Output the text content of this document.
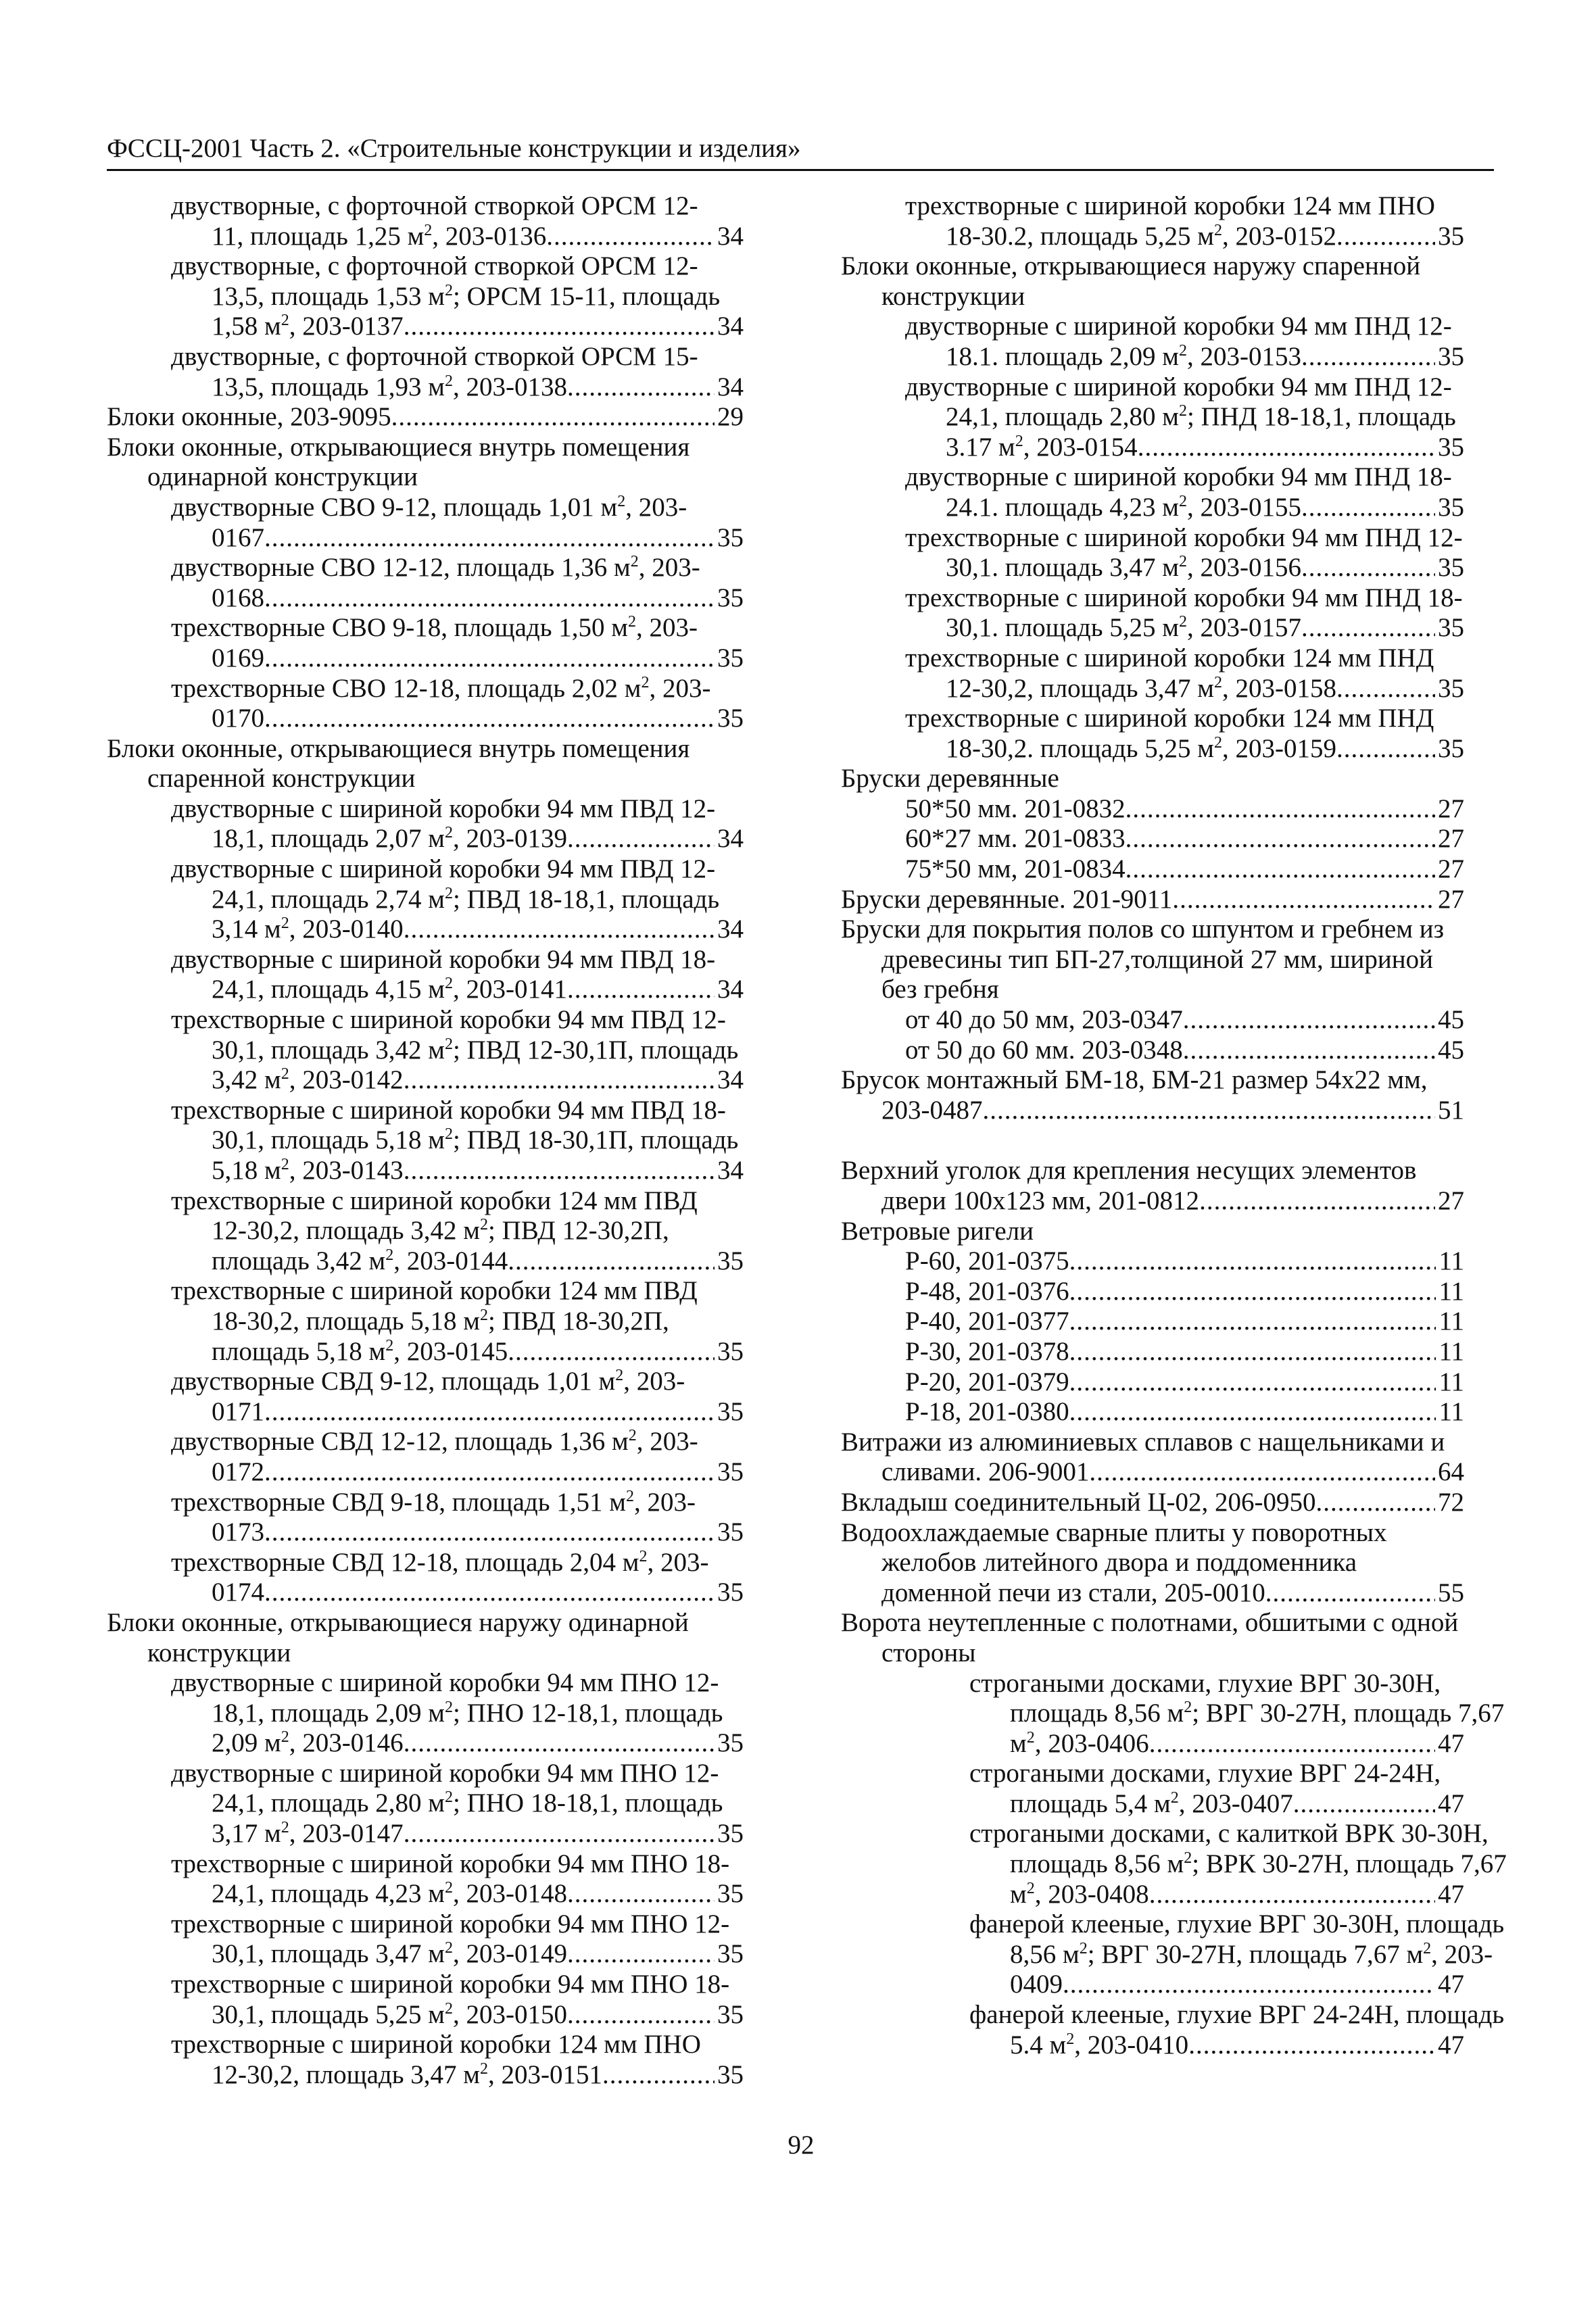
ФССЦ-2001 Часть 2. «Строительные конструкции и изделия»
двустворные, с форточной створкой ОРСМ 12-
11, площадь 1,25 $м^2$, 203-0136 .....	34
двустворные, с форточной створкой ОРСМ 12-
13,5, площадь 1,53 $м^2$; ОРСМ 15-11, площадь
1,58 $м^2$, 203-0137 .....	34
двустворные, с форточной створкой ОРСМ 15-
13,5, площадь 1,93 $м^2$, 203-0138 .....	34
Блоки оконные, 203-9095 .....	29
Блоки оконные, открывающиеся внутрь помещения
одинарной конструкции
двустворные СВО 9-12, площадь 1,01 $м^2$, 203-
0167 .....	35
двустворные СВО 12-12, площадь 1,36 $м^2$, 203-
0168 .....	35
трехстворные СВО 9-18, площадь 1,50 $м^2$, 203-
0169 .....	35
трехстворные СВО 12-18, площадь 2,02 $м^2$, 203-
0170 .....	35
Блоки оконные, открывающиеся внутрь помещения
спаренной конструкции
двустворные с шириной коробки 94 мм ПВД 12-
18,1, площадь 2,07 $м^2$, 203-0139 .....	34
двустворные с шириной коробки 94 мм ПВД 12-
24,1, площадь 2,74 $м^2$; ПВД 18-18,1, площадь
3,14 $м^2$, 203-0140 .....	34
двустворные с шириной коробки 94 мм ПВД 18-
24,1, площадь 4,15 $м^2$, 203-0141 .....	34
трехстворные с шириной коробки 94 мм ПВД 12-
30,1, площадь 3,42 $м^2$; ПВД 12-30,1П, площадь
3,42 $м^2$, 203-0142 .....	34
трехстворные с шириной коробки 94 мм ПВД 18-
30,1, площадь 5,18 $м^2$; ПВД 18-30,1П, площадь
5,18 $м^2$, 203-0143 .....	34
трехстворные с шириной коробки 124 мм ПВД
12-30,2, площадь 3,42 $м^2$; ПВД 12-30,2П,
площадь 3,42 $м^2$, 203-0144 .....	35
трехстворные с шириной коробки 124 мм ПВД
18-30,2, площадь 5,18 $м^2$; ПВД 18-30,2П,
площадь 5,18 $м^2$, 203-0145 .....	35
двустворные СВД 9-12, площадь 1,01 $м^2$, 203-
0171 .....	35
двустворные СВД 12-12, площадь 1,36 $м^2$, 203-
0172 .....	35
трехстворные СВД 9-18, площадь 1,51 $м^2$, 203-
0173 .....	35
трехстворные СВД 12-18, площадь 2,04 $м^2$, 203-
0174 .....	35
Блоки оконные, открывающиеся наружу одинарной
конструкции
двустворные с шириной коробки 94 мм ПНО 12-
18,1, площадь 2,09 $м^2$; ПНО 12-18,1, площадь
2,09 $м^2$, 203-0146 .....	35
двустворные с шириной коробки 94 мм ПНО 12-
24,1, площадь 2,80 $м^2$; ПНО 18-18,1, площадь
3,17 $м^2$, 203-0147 .....	35
трехстворные с шириной коробки 94 мм ПНО 18-
24,1, площадь 4,23 $м^2$, 203-0148 .....	35
трехстворные с шириной коробки 94 мм ПНО 12-
30,1, площадь 3,47 $м^2$, 203-0149 .....	35
трехстворные с шириной коробки 94 мм ПНО 18-
30,1, площадь 5,25 $м^2$, 203-0150 .....	35
трехстворные с шириной коробки 124 мм ПНО
12-30,2, площадь 3,47 $м^2$, 203-0151 .....	35
трехстворные с шириной коробки 124 мм ПНО
18-30.2, площадь 5,25 $м^2$, 203-0152 .....	35
Блоки оконные, открывающиеся наружу спаренной
конструкции
двустворные с шириной коробки 94 мм ПНД 12-
18.1. площадь 2,09 $м^2$, 203-0153 .....	35
двустворные с шириной коробки 94 мм ПНД 12-
24,1, площадь 2,80 $м^2$; ПНД 18-18,1, площадь
3.17 $м^2$, 203-0154 .....	35
двустворные с шириной коробки 94 мм ПНД 18-
24.1. площадь 4,23 $м^2$, 203-0155 .....	35
трехстворные с шириной коробки 94 мм ПНД 12-
30,1. площадь 3,47 $м^2$, 203-0156 .....	35
трехстворные с шириной коробки 94 мм ПНД 18-
30,1. площадь 5,25 $м^2$, 203-0157 .....	35
трехстворные с шириной коробки 124 мм ПНД
12-30,2, площадь 3,47 $м^2$, 203-0158 .....	35
трехстворные с шириной коробки 124 мм ПНД
18-30,2. площадь 5,25 $м^2$, 203-0159 .....	35
Бруски деревянные
50*50 мм. 201-0832 .....	27
60*27 мм. 201-0833 .....	27
75*50 мм, 201-0834 .....	27
Бруски деревянные. 201-9011 .....	27
Бруски для покрытия полов со шпунтом и гребнем из
древесины тип БП-27,толщиной 27 мм, шириной
без гребня
от 40 до 50 мм, 203-0347 .....	45
от 50 до 60 мм. 203-0348 .....	45
Брусок монтажный БМ-18, БМ-21 размер 54х22 мм,
203-0487 .....	51
Верхний уголок для крепления несущих элементов
двери 100х123 мм, 201-0812 .....	27
Ветровые ригели
Р-60, 201-0375 .....	11
Р-48, 201-0376 .....	11
Р-40, 201-0377 .....	11
Р-30, 201-0378 .....	11
Р-20, 201-0379 .....	11
Р-18, 201-0380 .....	11
Витражи из алюминиевых сплавов с нащельниками и
сливами. 206-9001 .....	64
Вкладыш соединительный Ц-02, 206-0950 .....	72
Водоохлаждаемые сварные плиты у поворотных
желобов литейного двора и поддоменника
доменной печи из стали, 205-0010 .....	55
Ворота неутепленные с полотнами, обшитыми с одной
стороны
строгаными досками, глухие ВРГ 30-30Н,
площадь 8,56 $м^2$; ВРГ 30-27Н, площадь 7,67
$м^2$, 203-0406 .....	47
строгаными досками, глухие ВРГ 24-24Н,
площадь 5,4 $м^2$, 203-0407 .....	47
строгаными досками, с калиткой ВРК 30-30Н,
площадь 8,56 $м^2$; ВРК 30-27Н, площадь 7,67
$м^2$, 203-0408 .....	47
фанерой клееные, глухие ВРГ 30-30Н, площадь
8,56 $м^2$; ВРГ 30-27Н, площадь 7,67 $м^2$, 203-
0409 .....	47
фанерой клееные, глухие ВРГ 24-24Н, площадь
5.4 $м^2$, 203-0410 .....	47
92
